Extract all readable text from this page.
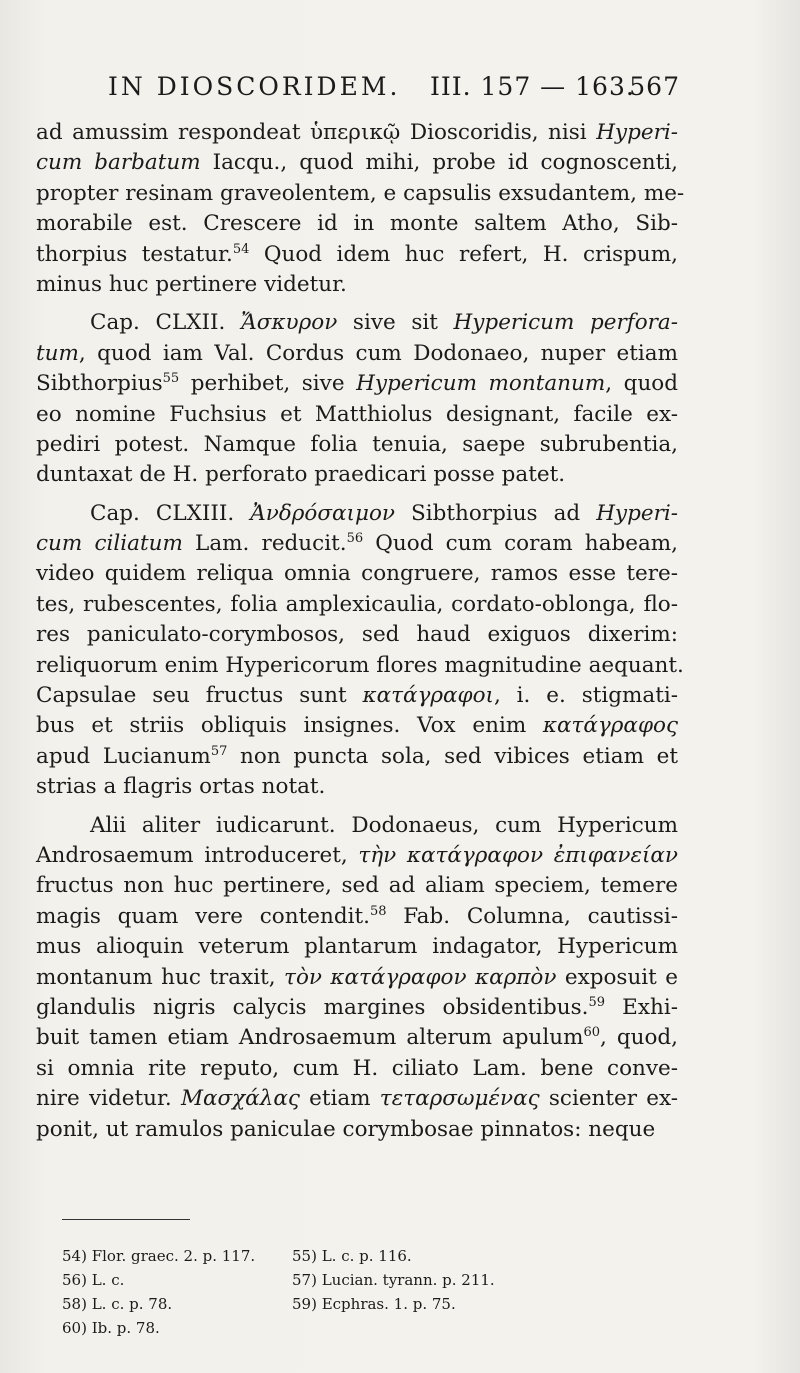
IN DIOSCORIDEM. III. 157 — 163.
567
ad amussim respondeat ὑπερικῷ Dioscoridis, nisi Hyperi-
cum barbatum Iacqu., quod mihi, probe id cognoscenti,
propter resinam graveolentem, e capsulis exsudantem, me-
morabile est. Crescere id in monte saltem Atho, Sib-
thorpius testatur.$^{54}$ Quod idem huc refert, H. crispum,
minus huc pertinere videtur.
Cap. CLXII. Ἄσκυρον sive sit Hypericum perfora-
tum, quod iam Val. Cordus cum Dodonaeo, nuper etiam
Sibthorpius$^{55}$ perhibet, sive Hypericum montanum, quod
eo nomine Fuchsius et Matthiolus designant, facile ex-
pediri potest. Namque folia tenuia, saepe subrubentia,
duntaxat de H. perforato praedicari posse patet.
Cap. CLXIII. Ἀνδρόσαιμον Sibthorpius ad Hyperi-
cum ciliatum Lam. reducit.$^{56}$ Quod cum coram habeam,
video quidem reliqua omnia congruere, ramos esse tere-
tes, rubescentes, folia amplexicaulia, cordato-oblonga, flo-
res paniculato-corymbosos, sed haud exiguos dixerim:
reliquorum enim Hypericorum flores magnitudine aequant.
Capsulae seu fructus sunt κατάγραφοι, i. e. stigmati-
bus et striis obliquis insignes. Vox enim κατάγραφος
apud Lucianum$^{57}$ non puncta sola, sed vibices etiam et
strias a flagris ortas notat.
Alii aliter iudicarunt. Dodonaeus, cum Hypericum
Androsaemum introduceret, τὴν κατάγραφον ἐπιφανείαν
fructus non huc pertinere, sed ad aliam speciem, temere
magis quam vere contendit.$^{58}$ Fab. Columna, cautissi-
mus alioquin veterum plantarum indagator, Hypericum
montanum huc traxit, τὸν κατάγραφον καρπὸν exposuit e
glandulis nigris calycis margines obsidentibus.$^{59}$ Exhi-
buit tamen etiam Androsaemum alterum apulum$^{60}$, quod,
si omnia rite reputo, cum H. ciliato Lam. bene conve-
nire videtur. Μασχάλας etiam τεταρσωμένας scienter ex-
ponit, ut ramulos paniculae corymbosae pinnatos: neque
54) Flor. graec. 2. p. 117. 55) L. c. p. 116.
56) L. c.	57) Lucian. tyrann. p. 211.
58) L. c. p. 78.	59) Ecphras. 1. p. 75.
60) Ib. p. 78.
